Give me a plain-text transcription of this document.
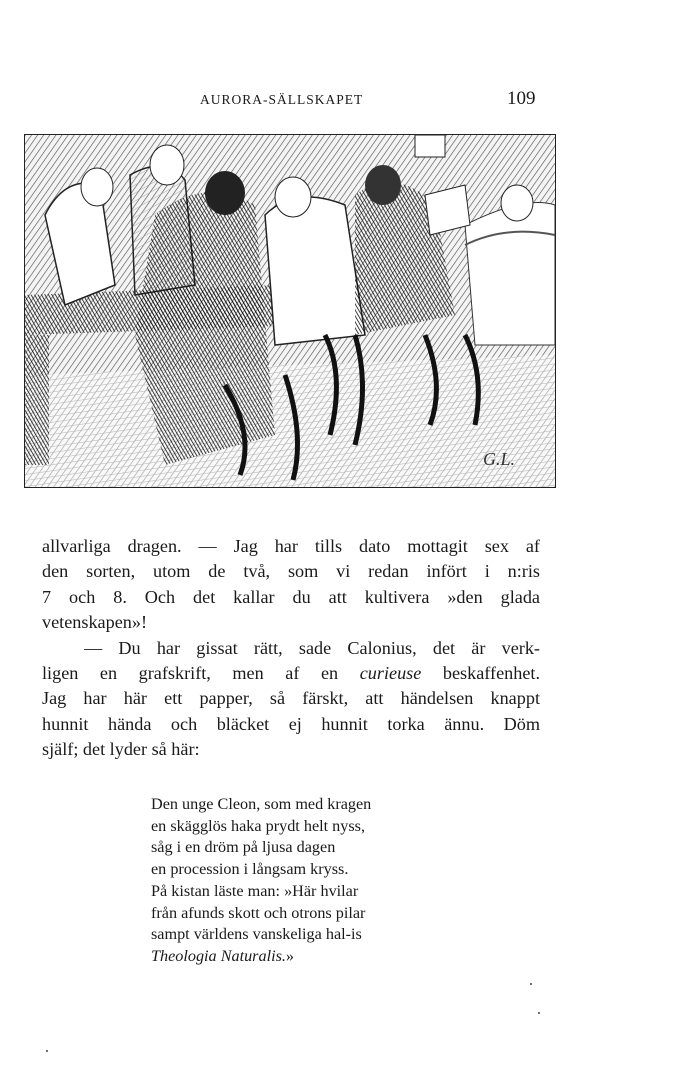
AURORA-SÄLLSKAPET	109
G.L.
allvarliga dragen. — Jag har tills dato mottagit sex af
den sorten, utom de två, som vi redan infört i n:ris
7 och 8. Och det kallar du att kultivera »den glada
vetenskapen»!
— Du har gissat rätt, sade Calonius, det är verk-
ligen en grafskrift, men af en curieuse beskaffenhet.
Jag har här ett papper, så färskt, att händelsen knappt
hunnit hända och bläcket ej hunnit torka ännu. Döm
själf; det lyder så här:
Den unge Cleon, som med kragen
en skägglös haka prydt helt nyss,
såg i en dröm på ljusa dagen
en procession i långsam kryss.
På kistan läste man: »Här hvilar
från afunds skott och otrons pilar
sampt världens vanskeliga hal-is
Theologia Naturalis.»
